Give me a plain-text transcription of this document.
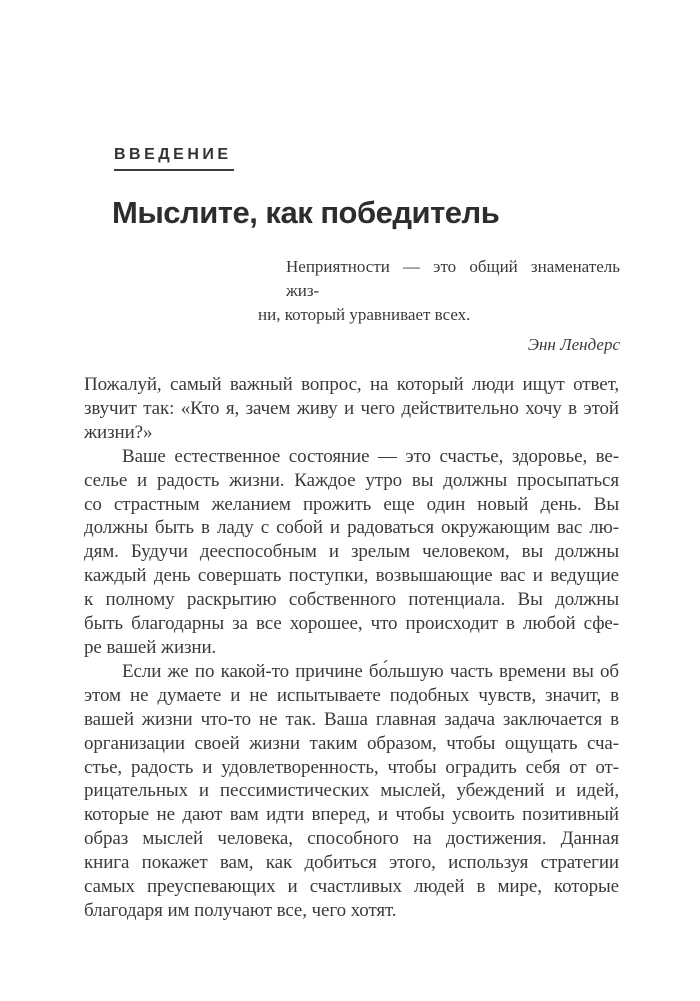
ВВЕДЕНИЕ
Мыслите, как победитель
Неприятности — это общий знаменатель жиз-
ни, который уравнивает всех.
Энн Лендерс
Пожалуй, самый важный вопрос, на который люди ищут ответ,
звучит так: «Кто я, зачем живу и чего действительно хочу в этой
жизни?»
Ваше естественное состояние — это счастье, здоровье, ве-
селье и радость жизни. Каждое утро вы должны просыпаться
со страстным желанием прожить еще один новый день. Вы
должны быть в ладу с собой и радоваться окружающим вас лю-
дям. Будучи дееспособным и зрелым человеком, вы должны
каждый день совершать поступки, возвышающие вас и ведущие
к полному раскрытию собственного потенциала. Вы должны
быть благодарны за все хорошее, что происходит в любой сфе-
ре вашей жизни.
Если же по какой-то причине бо́льшую часть времени вы об
этом не думаете и не испытываете подобных чувств, значит, в
вашей жизни что-то не так. Ваша главная задача заключается в
организации своей жизни таким образом, чтобы ощущать сча-
стье, радость и удовлетворенность, чтобы оградить себя от от-
рицательных и пессимистических мыслей, убеждений и идей,
которые не дают вам идти вперед, и чтобы усвоить позитивный
образ мыслей человека, способного на достижения. Данная
книга покажет вам, как добиться этого, используя стратегии
самых преуспевающих и счастливых людей в мире, которые
благодаря им получают все, чего хотят.
